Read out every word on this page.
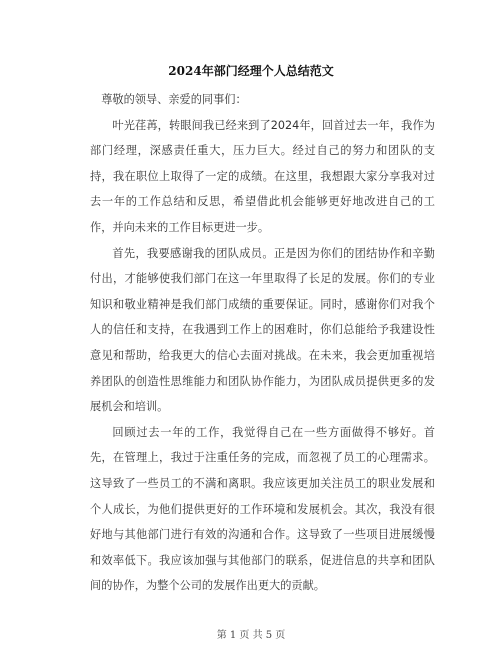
2024年部门经理个人总结范文

尊敬的领导、亲爱的同事们：

叶光荏苒，转眼间我已经来到了2024年，回首过去一年，我作为部门经理，深感责任重大，压力巨大。经过自己的努力和团队的支持，我在职位上取得了一定的成绩。在这里，我想跟大家分享我对过去一年的工作总结和反思，希望借此机会能够更好地改进自己的工作，并向未来的工作目标更进一步。

首先，我要感谢我的团队成员。正是因为你们的团结协作和辛勤付出，才能够使我们部门在这一年里取得了长足的发展。你们的专业知识和敬业精神是我们部门成绩的重要保证。同时，感谢你们对我个人的信任和支持，在我遇到工作上的困难时，你们总能给予我建设性意见和帮助，给我更大的信心去面对挑战。在未来，我会更加重视培养团队的创造性思维能力和团队协作能力，为团队成员提供更多的发展机会和培训。

回顾过去一年的工作，我觉得自己在一些方面做得不够好。首先，在管理上，我过于注重任务的完成，而忽视了员工的心理需求。这导致了一些员工的不满和离职。我应该更加关注员工的职业发展和个人成长，为他们提供更好的工作环境和发展机会。其次，我没有很好地与其他部门进行有效的沟通和合作。这导致了一些项目进展缓慢和效率低下。我应该加强与其他部门的联系，促进信息的共享和团队间的协作，为整个公司的发展作出更大的贡献。

第 1 页 共 5 页
